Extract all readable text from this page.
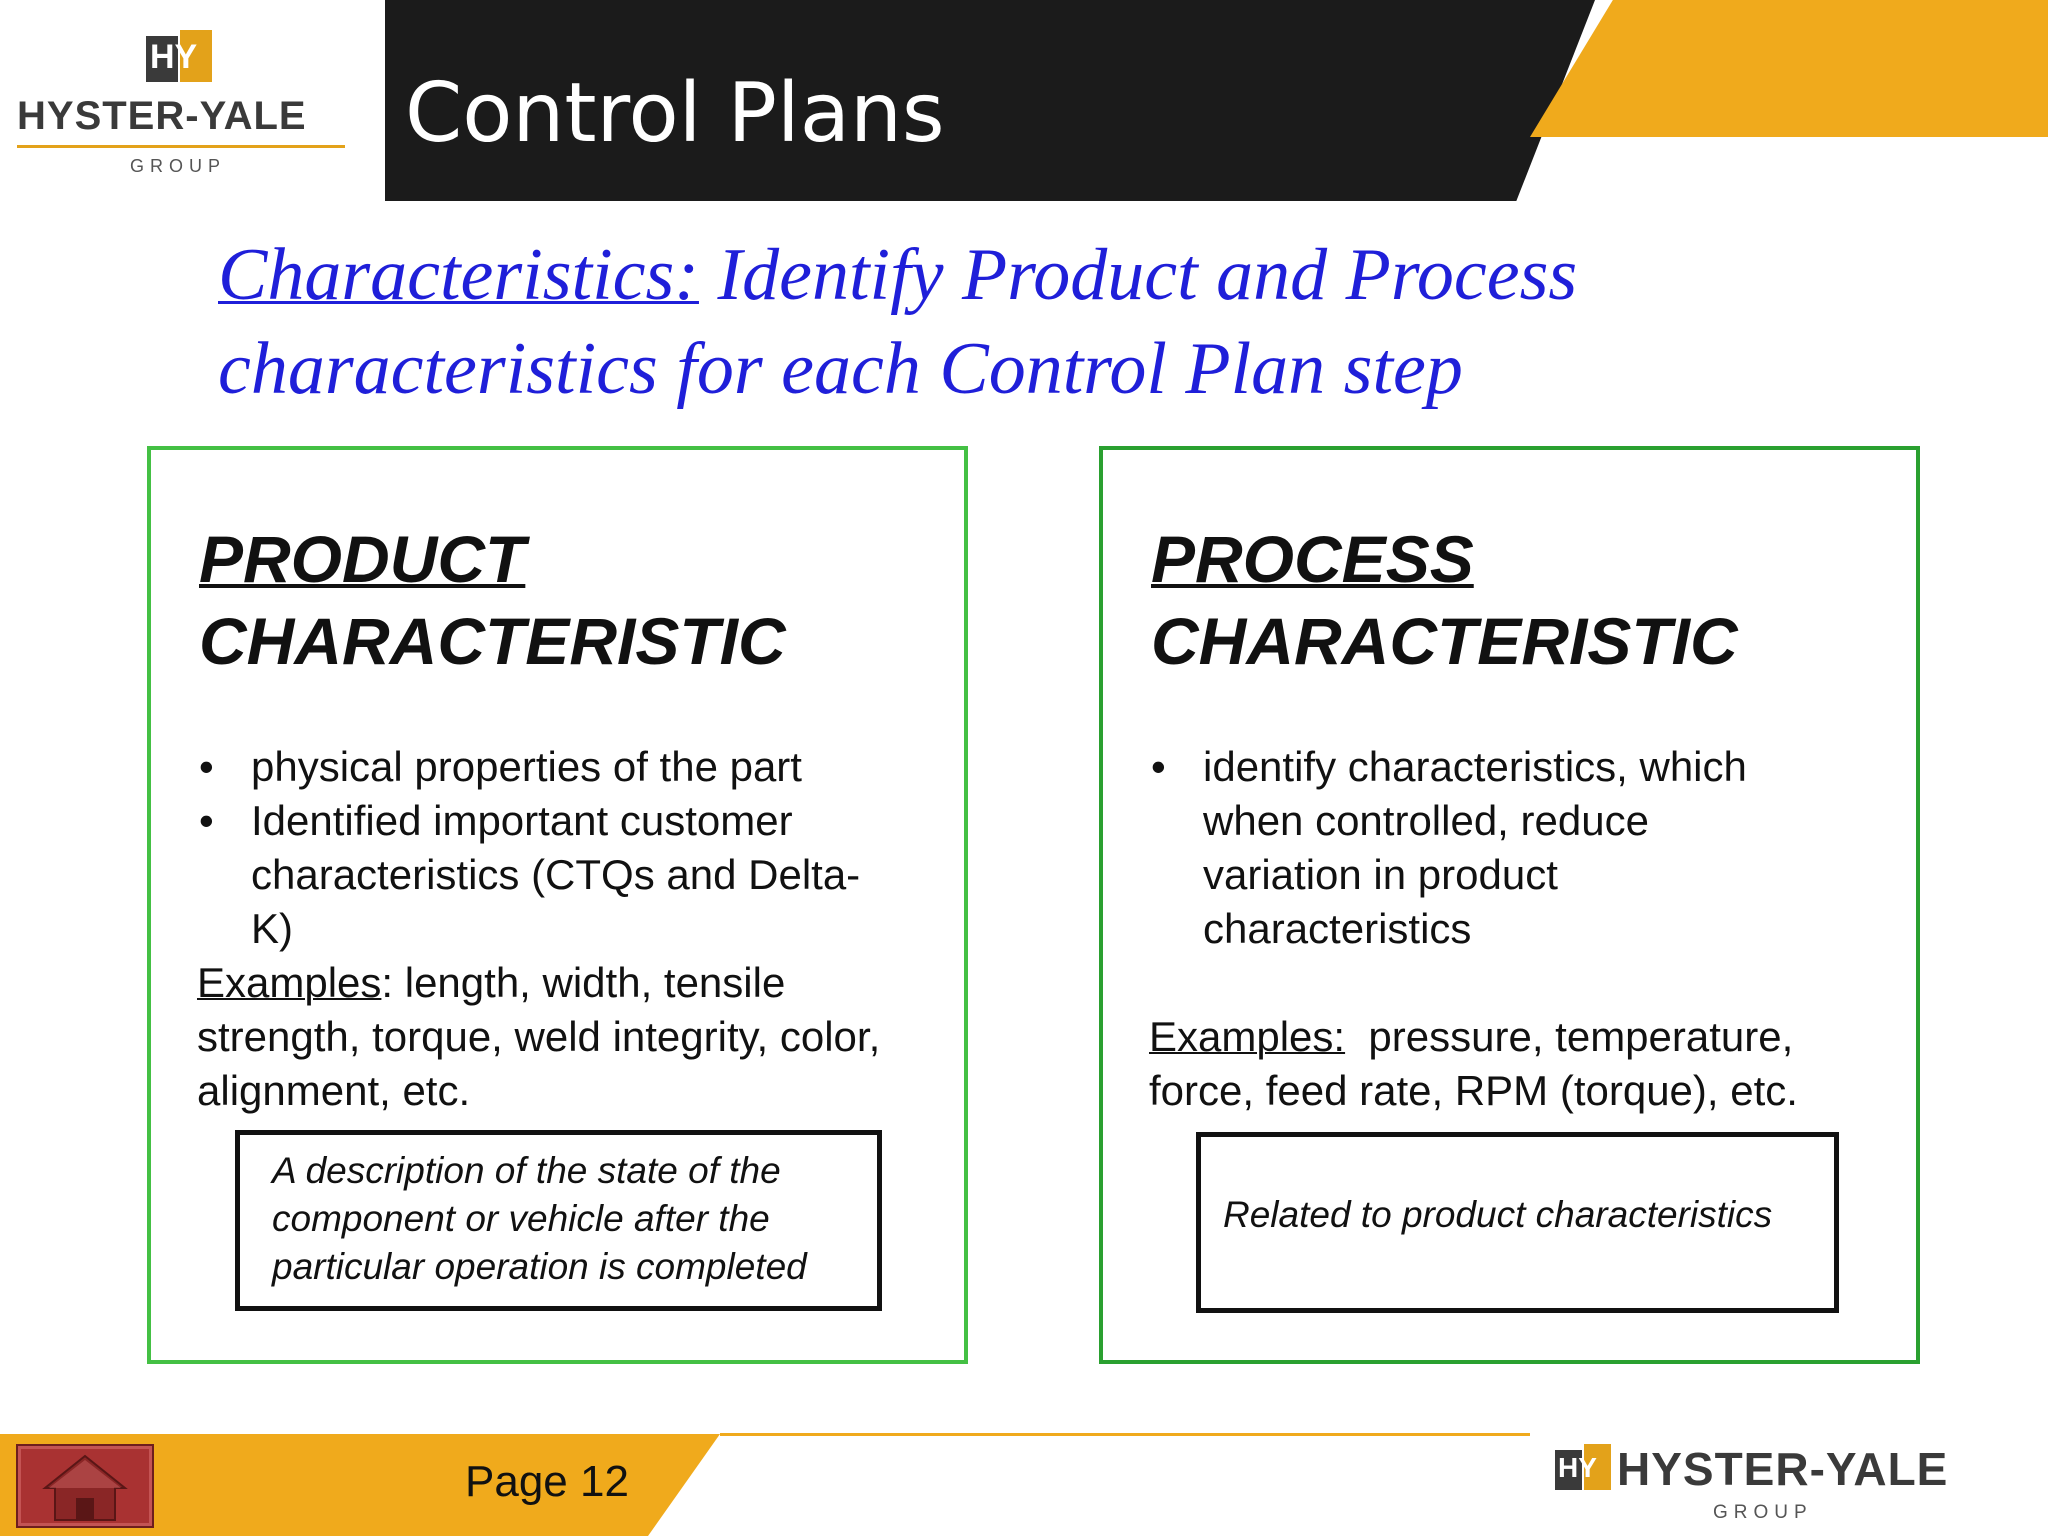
Control Plans
HY
HYSTER-YALE
GROUP
Characteristics: Identify Product and Process
characteristics for each Control Plan step
PRODUCT
CHARACTERISTIC
• physical properties of the part
• Identified important customer characteristics (CTQs and Delta-K)
Examples: length, width, tensile strength, torque, weld integrity, color, alignment, etc.
A description of the state of the component or vehicle after the particular operation is completed
PROCESS
CHARACTERISTIC
• identify characteristics, which when controlled, reduce variation in product characteristics
Examples:  pressure, temperature, force, feed rate, RPM (torque), etc.
Related to product characteristics
Page 12	HY HYSTER-YALE
GROUP
